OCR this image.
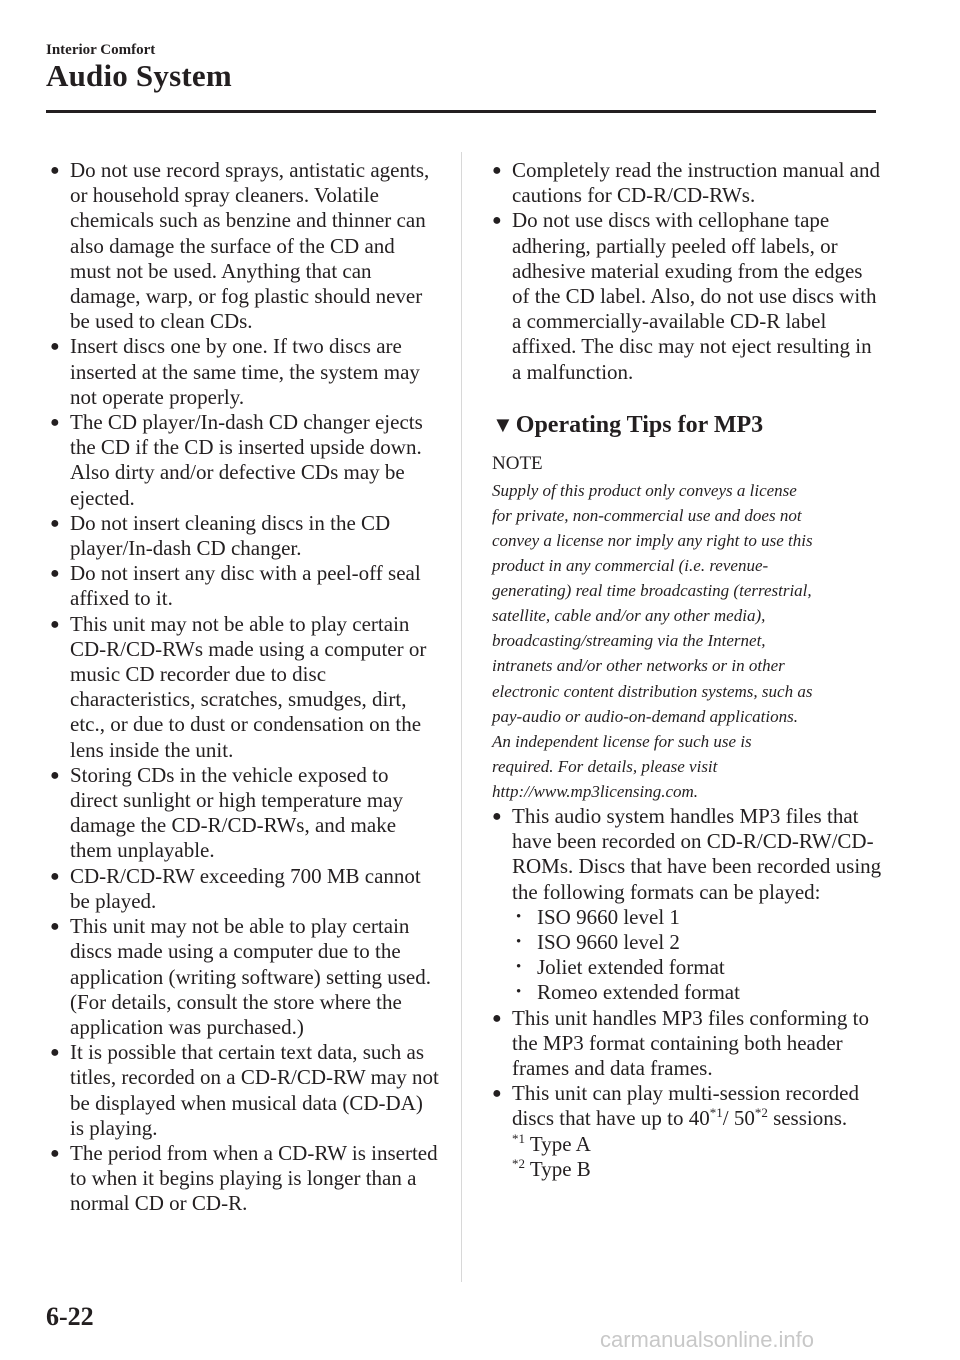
Interior Comfort
Audio System
● Do not use record sprays, antistatic agents, or household spray cleaners. Volatile chemicals such as benzine and thinner can also damage the surface of the CD and must not be used. Anything that can damage, warp, or fog plastic should never be used to clean CDs.
● Insert discs one by one. If two discs are inserted at the same time, the system may not operate properly.
● The CD player/In-dash CD changer ejects the CD if the CD is inserted upside down. Also dirty and/or defective CDs may be ejected.
● Do not insert cleaning discs in the CD player/In-dash CD changer.
● Do not insert any disc with a peel-off seal affixed to it.
● This unit may not be able to play certain CD-R/CD-RWs made using a computer or music CD recorder due to disc characteristics, scratches, smudges, dirt, etc., or due to dust or condensation on the lens inside the unit.
● Storing CDs in the vehicle exposed to direct sunlight or high temperature may damage the CD-R/CD-RWs, and make them unplayable.
● CD-R/CD-RW exceeding 700 MB cannot be played.
● This unit may not be able to play certain discs made using a computer due to the application (writing software) setting used. (For details, consult the store where the application was purchased.)
● It is possible that certain text data, such as titles, recorded on a CD-R/CD-RW may not be displayed when musical data (CD-DA) is playing.
● The period from when a CD-RW is inserted to when it begins playing is longer than a normal CD or CD-R.
● Completely read the instruction manual and cautions for CD-R/CD-RWs.
● Do not use discs with cellophane tape adhering, partially peeled off labels, or adhesive material exuding from the edges of the CD label. Also, do not use discs with a commercially-available CD-R label affixed. The disc may not eject resulting in a malfunction.
▼Operating Tips for MP3
NOTE
Supply of this product only conveys a license
for private, non-commercial use and does not
convey a license nor imply any right to use this
product in any commercial (i.e. revenue-
generating) real time broadcasting (terrestrial,
satellite, cable and/or any other media),
broadcasting/streaming via the Internet,
intranets and/or other networks or in other
electronic content distribution systems, such as
pay-audio or audio-on-demand applications.
An independent license for such use is
required. For details, please visit
http://www.mp3licensing.com.
● This audio system handles MP3 files that have been recorded on CD-R/CD-RW/CD-ROMs. Discs that have been recorded using the following formats can be played:
• ISO 9660 level 1
• ISO 9660 level 2
• Joliet extended format
• Romeo extended format
● This unit handles MP3 files conforming to the MP3 format containing both header frames and data frames.
● This unit can play multi-session recorded discs that have up to 40$^{*1}$/ 50$^{*2}$ sessions.
$^{*1}$ Type A
$^{*2}$ Type B
6-22
carmanualsonline.info
